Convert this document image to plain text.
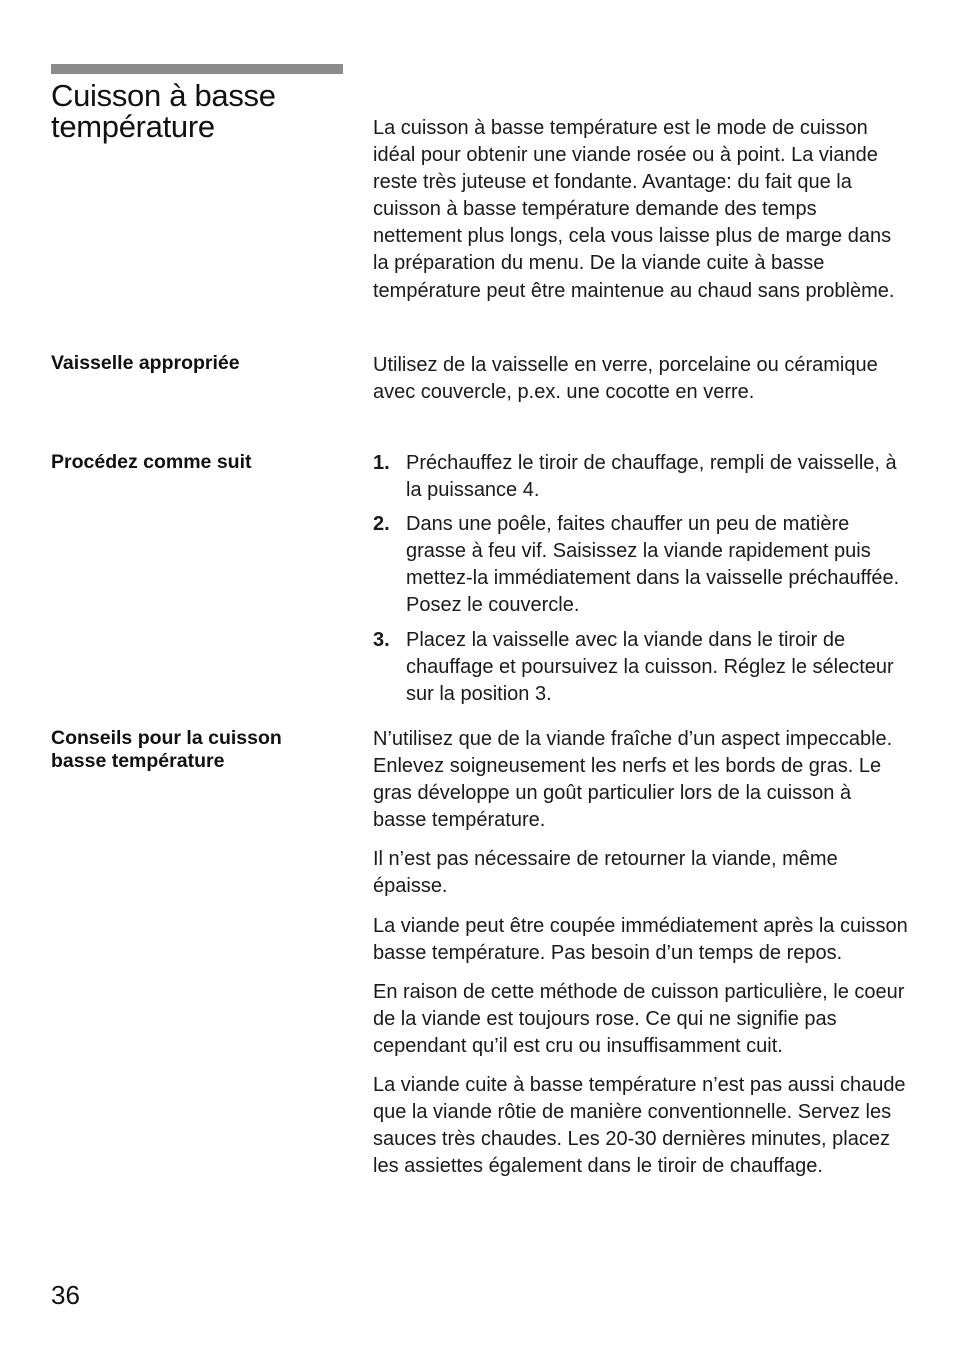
Cuisson à basse température	La cuisson à basse température est le mode de cuisson idéal pour obtenir une viande rosée ou à point. La viande reste très juteuse et fondante. Avantage: du fait que la cuisson à basse température demande des temps nettement plus longs, cela vous laisse plus de marge dans la préparation du menu. De la viande cuite à basse température peut être maintenue au chaud sans problème.

Vaisselle appropriée	Utilisez de la vaisselle en verre, porcelaine ou céramique avec couvercle, p.ex. une cocotte en verre.

Procédez comme suit	1. Préchauffez le tiroir de chauffage, rempli de vaisselle, à la puissance 4.
2. Dans une poêle, faites chauffer un peu de matière grasse à feu vif. Saisissez la viande rapidement puis mettez-la immédiatement dans la vaisselle préchauffée. Posez le couvercle.
3. Placez la vaisselle avec la viande dans le tiroir de chauffage et poursuivez la cuisson. Réglez le sélecteur sur la position 3.
Conseils pour la cuisson basse température

N’utilisez que de la viande fraîche d’un aspect impeccable. Enlevez soigneusement les nerfs et les bords de gras. Le gras développe un goût particulier lors de la cuisson à basse température.

Il n’est pas nécessaire de retourner la viande, même épaisse.

La viande peut être coupée immédiatement après la cuisson basse température. Pas besoin d’un temps de repos.

En raison de cette méthode de cuisson particulière, le coeur de la viande est toujours rose. Ce qui ne signifie pas cependant qu’il est cru ou insuffisamment cuit.

La viande cuite à basse température n’est pas aussi chaude que la viande rôtie de manière conventionnelle. Servez les sauces très chaudes. Les 20-30 dernières minutes, placez les assiettes également dans le tiroir de chauffage.

36
